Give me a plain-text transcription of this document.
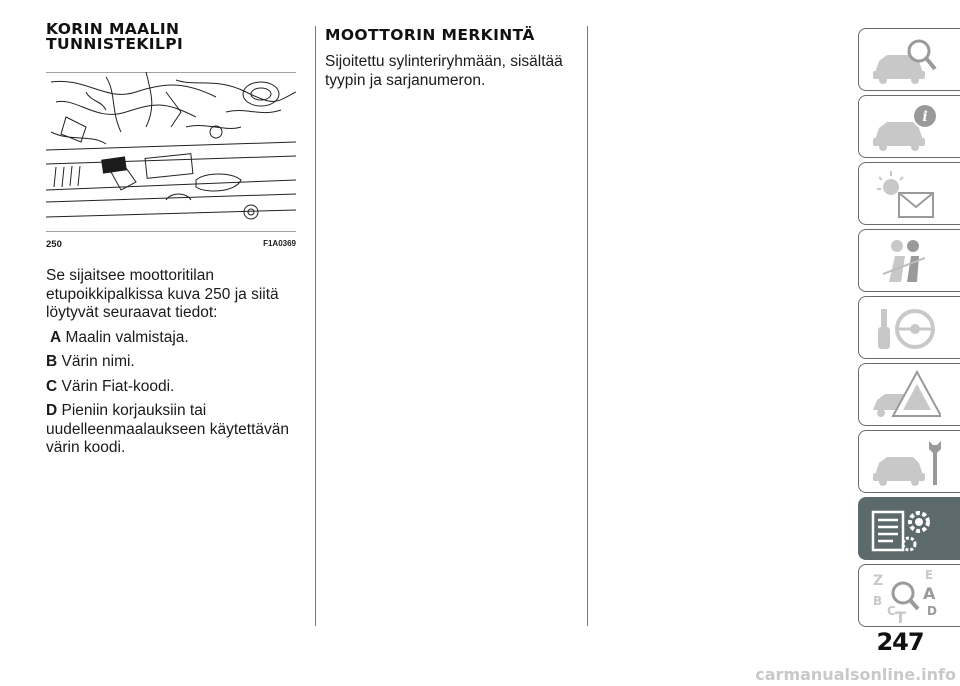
KORIN MAALIN
TUNNISTEKILPI
250	F1A0369

Se sijaitsee moottoritilan etupoikkipalkissa kuva 250 ja siitä löytyvät seuraavat tiedot:

A Maalin valmistaja.
B Värin nimi.
C Värin Fiat-koodi.
D Pieniin korjauksiin tai uudelleenmaalaukseen käytettävän värin koodi.
MOOTTORIN MERKINTÄ

Sijoitettu sylinteriryhmään, sisältää tyypin ja sarjanumeron.

i
Z	E
A
B
C T D
247
carmanualsonline.info
